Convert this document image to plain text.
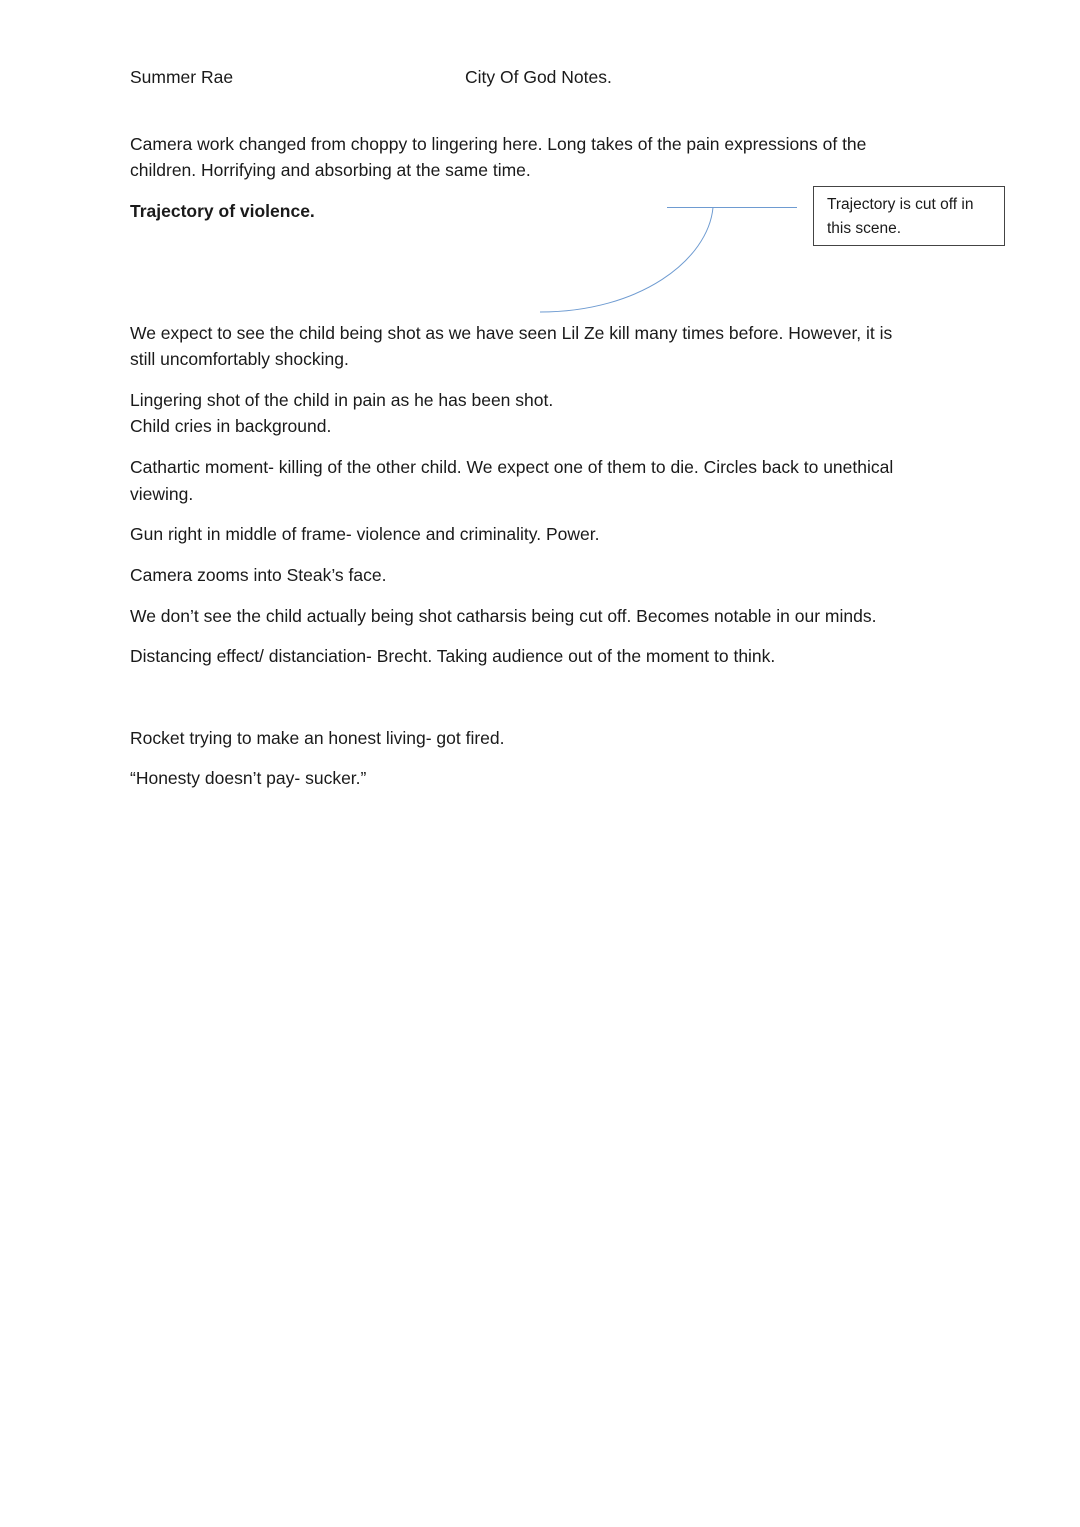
Summer Rae	City Of God Notes.

Camera work changed from choppy to lingering here. Long takes of the pain expressions of the

children. Horrifying and absorbing at the same time.

Trajectory of violence.	Trajectory is cut off in
this scene.

We expect to see the child being shot as we have seen Lil Ze kill many times before. However, it is

still uncomfortably shocking.

Lingering shot of the child in pain as he has been shot.

Child cries in background.

Cathartic moment- killing of the other child. We expect one of them to die. Circles back to unethical

viewing.

Gun right in middle of frame- violence and criminality. Power.

Camera zooms into Steak’s face.

We don’t see the child actually being shot catharsis being cut off. Becomes notable in our minds.

Distancing effect/ distanciation- Brecht. Taking audience out of the moment to think.

Rocket trying to make an honest living- got fired.

“Honesty doesn’t pay- sucker.”
